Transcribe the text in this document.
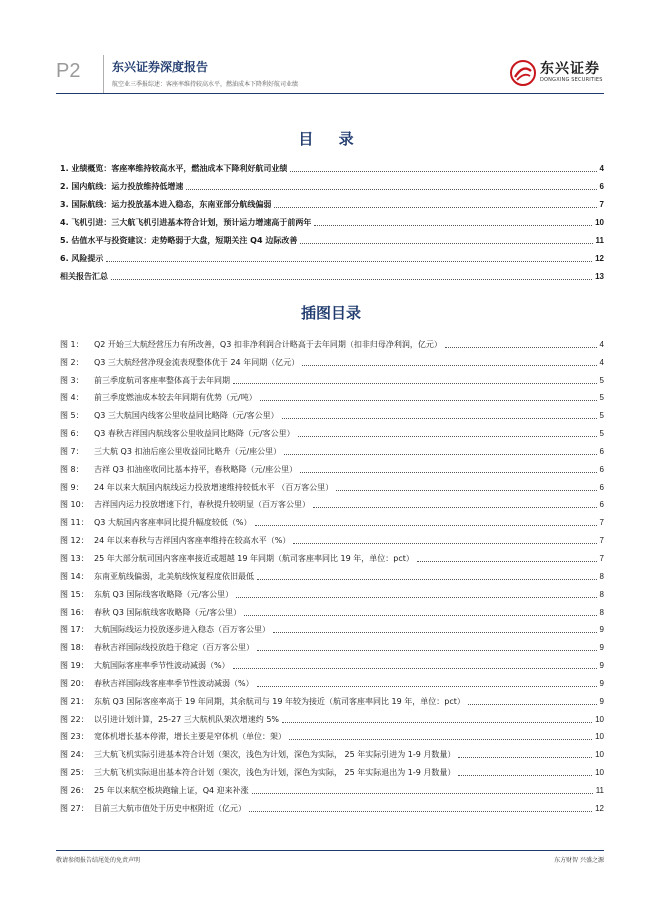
P2	东兴证券深度报告
航空业三季报综述：客座率维持较高水平，燃油成本下降利好航司业绩
东兴证券
DONGXING SECURITIES
目 录
1. 业绩概览：客座率维持较高水平，燃油成本下降利好航司业绩	4
2. 国内航线：运力投放维持低增速	6
3. 国际航线：运力投放基本进入稳态，东南亚部分航线偏弱	7
4. 飞机引进：三大航飞机引进基本符合计划，预计运力增速高于前两年	10
5. 估值水平与投资建议：走势略弱于大盘，短期关注 Q4 边际改善	11
6. 风险提示	12
相关报告汇总	13
插图目录
图 1： Q2 开始三大航经营压力有所改善，Q3 扣非净利润合计略高于去年同期（扣非归母净利润，亿元）	4
图 2： Q3 三大航经营净现金流表现整体优于 24 年同期（亿元）	4
图 3： 前三季度航司客座率整体高于去年同期	5
图 4： 前三季度燃油成本较去年同期有优势（元/吨）	5
图 5： Q3 三大航国内线客公里收益同比略降（元/客公里）	5
图 6： Q3 春秋吉祥国内航线客公里收益同比略降（元/客公里）	5
图 7： 三大航 Q3 扣油后座公里收益同比略升（元/座公里）	6
图 8： 吉祥 Q3 扣油座收同比基本持平，春秋略降（元/座公里）	6
图 9： 24 年以来大航国内航线运力投放增速维持较低水平 （百万客公里）	6
图 10： 吉祥国内运力投放增速下行，春秋提升较明显（百万客公里）	6
图 11： Q3 大航国内客座率同比提升幅度较低（%）	7
图 12： 24 年以来春秋与吉祥国内客座率维持在较高水平（%）	7
图 13： 25 年大部分航司国内客座率接近或超越 19 年同期（航司客座率同比 19 年，单位：pct）	7
图 14： 东南亚航线偏弱，北美航线恢复程度依旧最低	8
图 15： 东航 Q3 国际线客收略降（元/客公里）	8
图 16： 春秋 Q3 国际航线客收略降（元/客公里）	8
图 17： 大航国际线运力投放逐步进入稳态（百万客公里）	9
图 18： 春秋吉祥国际线投放趋于稳定（百万客公里）	9
图 19： 大航国际客座率季节性波动减弱（%）	9
图 20： 春秋吉祥国际线客座率季节性波动减弱（%）	9
图 21： 东航 Q3 国际客座率高于 19 年同期，其余航司与 19 年较为接近（航司客座率同比 19 年，单位：pct）	9
图 22： 以引进计划计算，25-27 三大航机队架次增速约 5%	10
图 23： 宽体机增长基本停滞，增长主要是窄体机（单位：架）	10
图 24： 三大航飞机实际引进基本符合计划（架次，浅色为计划，深色为实际， 25 年实际引进为 1-9 月数量）	10
图 25： 三大航飞机实际退出基本符合计划（架次，浅色为计划，深色为实际， 25 年实际退出为 1-9 月数量）	10
图 26： 25 年以来航空板块跑输上证，Q4 迎来补涨	11
图 27： 目前三大航市值处于历史中枢附近（亿元）	12
敬请参阅报告结尾处的免责声明	东方财智 兴盛之源
